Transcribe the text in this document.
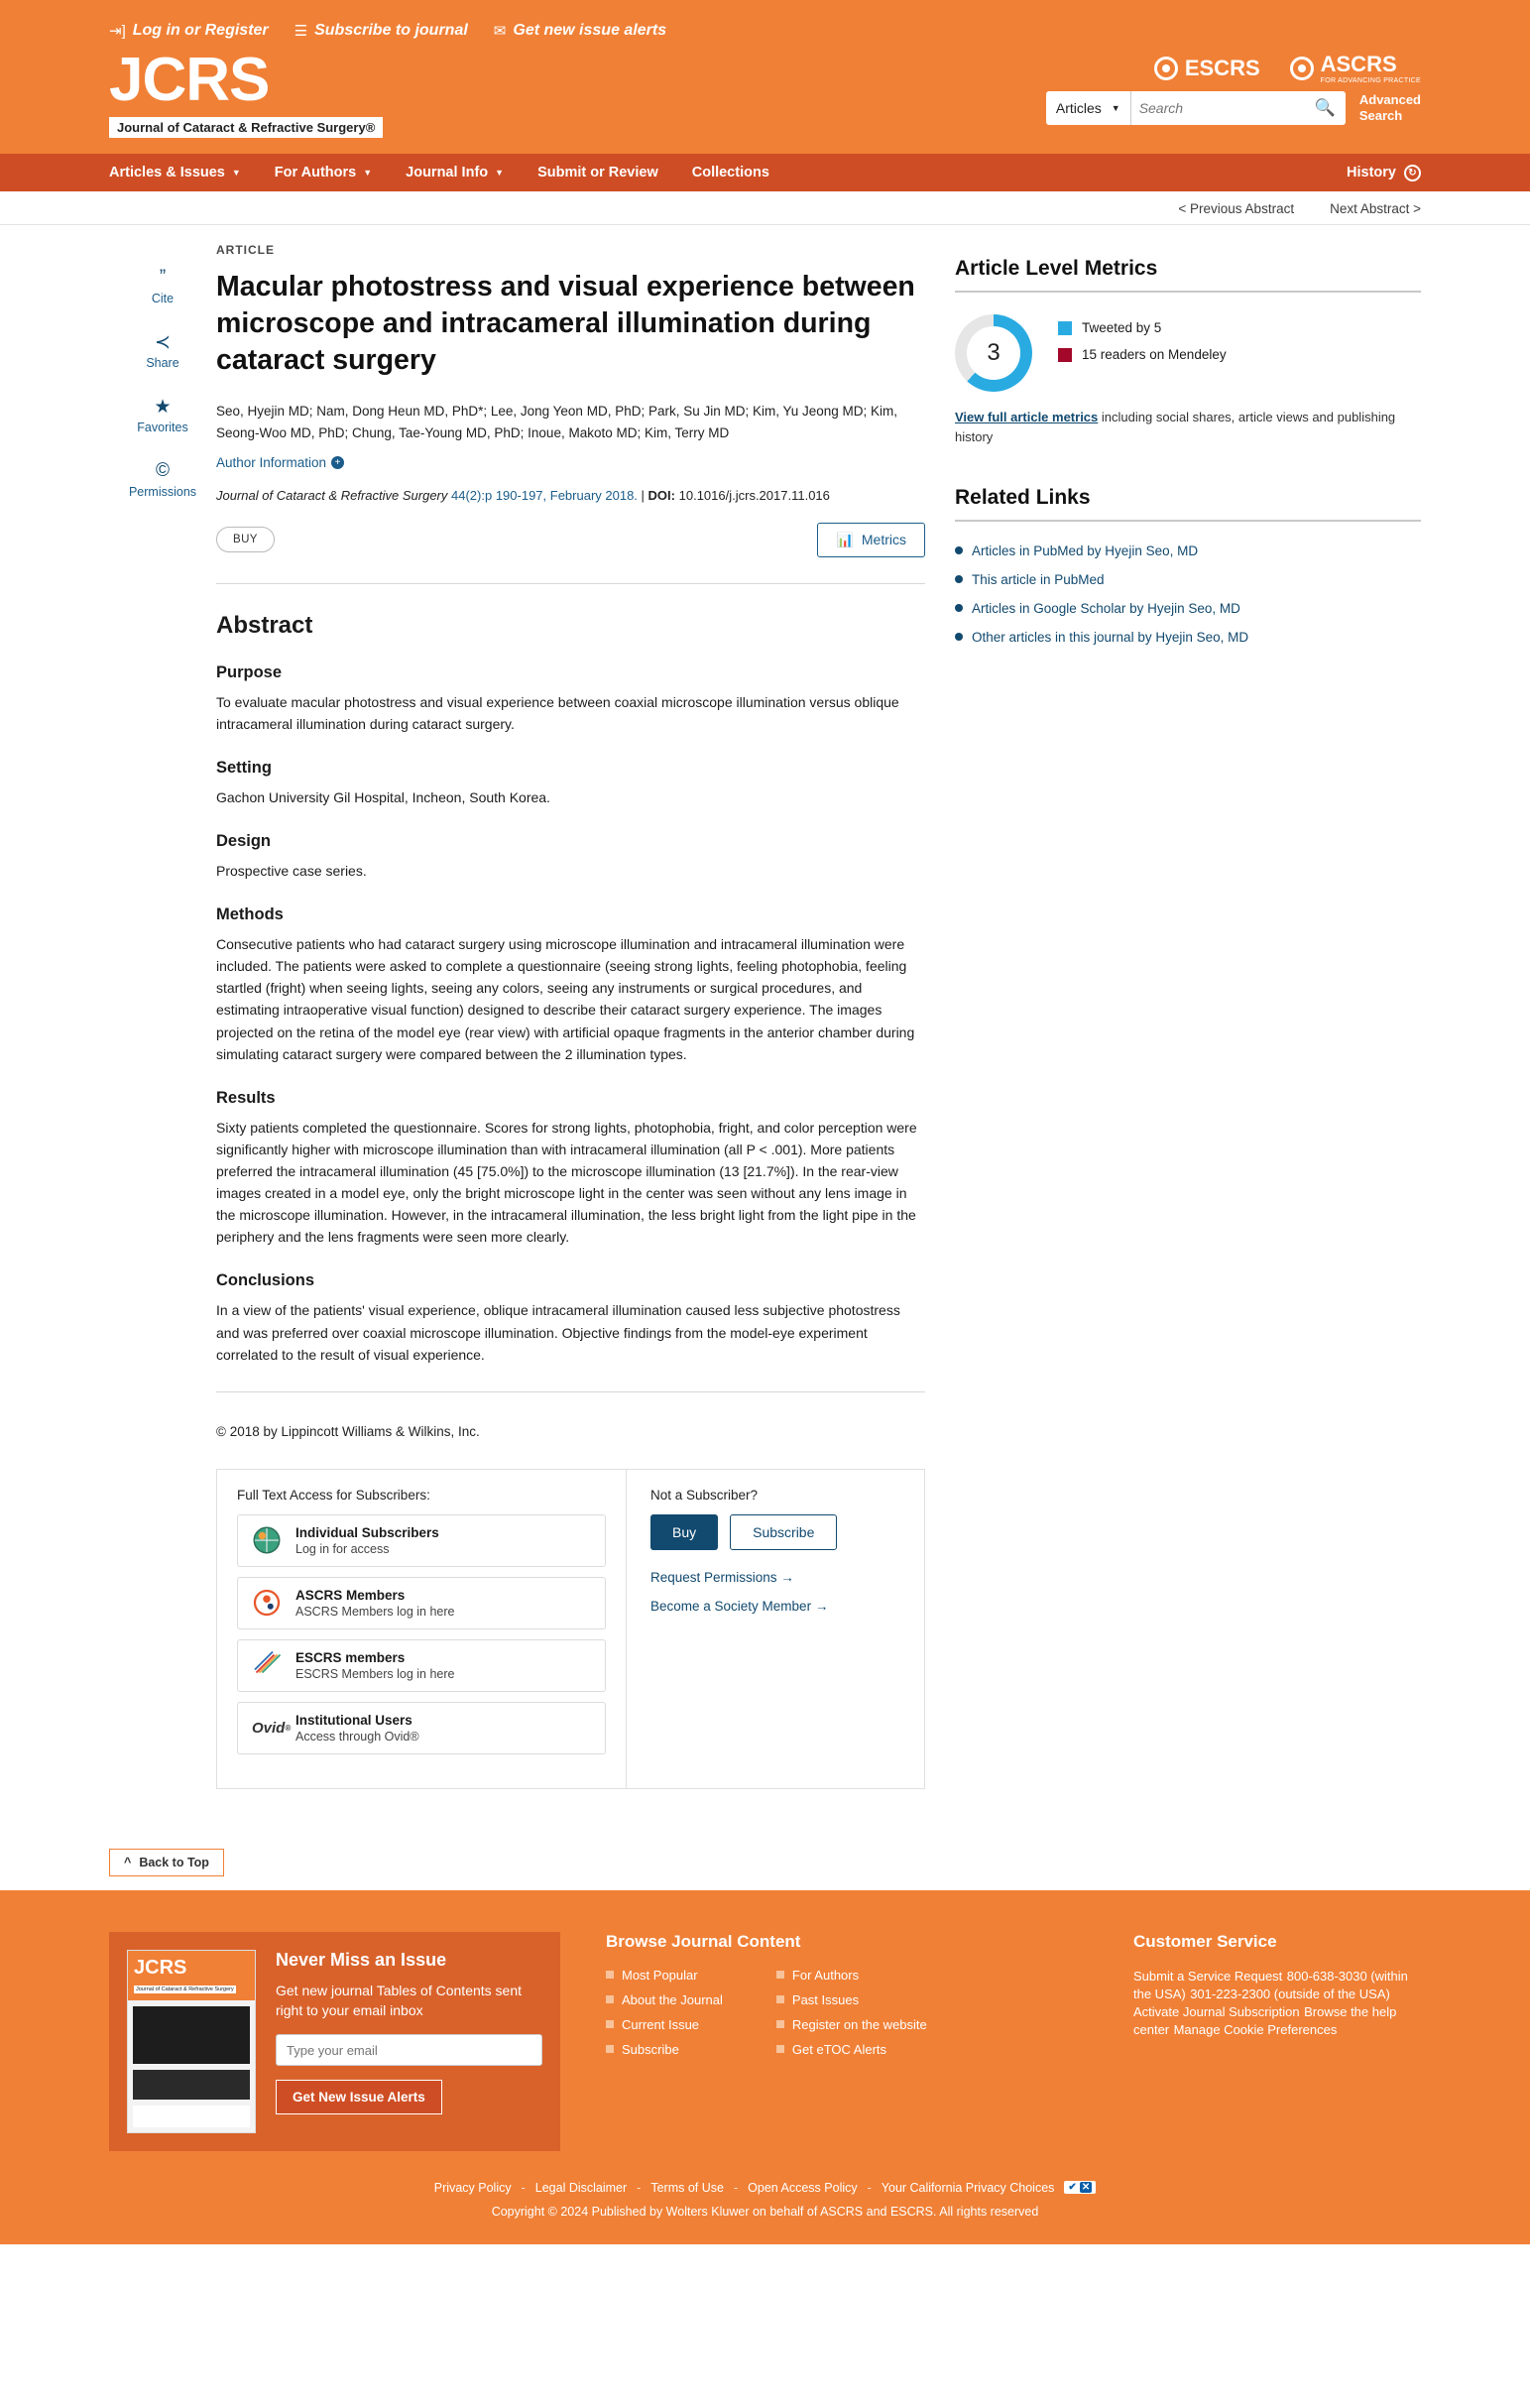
⇥] Log in or Register ☰ Subscribe to journal ✉ Get new issue alerts
JCRS
Journal of Cataract & Refractive Surgery®
ESCRS	ASCRS
FOR ADVANCING PRACTICE
Articles ▼
Search	🔍	Advanced
Search
Articles & Issues ▼ For Authors ▼ Journal Info ▼ Submit or Review Collections	History	↻
< Previous Abstract	Next Abstract >
”
Cite
≺
Share
★
Favorites
©
Permissions
ARTICLE
Macular photostress and visual experience between microscope and intracameral illumination during cataract surgery
Seo, Hyejin MD; Nam, Dong Heun MD, PhD*; Lee, Jong Yeon MD, PhD; Park, Su Jin MD; Kim, Yu Jeong MD; Kim, Seong-Woo MD, PhD; Chung, Tae-Young MD, PhD; Inoue, Makoto MD; Kim, Terry MD
Author Information +
Journal of Cataract & Refractive Surgery 44(2):p 190-197, February 2018. | DOI: 10.1016/j.jcrs.2017.11.016
BUY	📊 Metrics
Abstract
Purpose

To evaluate macular photostress and visual experience between coaxial microscope illumination versus oblique intracameral illumination during cataract surgery.

Setting

Gachon University Gil Hospital, Incheon, South Korea.

Design

Prospective case series.

Methods

Consecutive patients who had cataract surgery using microscope illumination and intracameral illumination were included. The patients were asked to complete a questionnaire (seeing strong lights, feeling photophobia, feeling startled (fright) when seeing lights, seeing any colors, seeing any instruments or surgical procedures, and estimating intraoperative visual function) designed to describe their cataract surgery experience. The images projected on the retina of the model eye (rear view) with artificial opaque fragments in the anterior chamber during simulating cataract surgery were compared between the 2 illumination types.

Results

Sixty patients completed the questionnaire. Scores for strong lights, photophobia, fright, and color perception were significantly higher with microscope illumination than with intracameral illumination (all P < .001). More patients preferred the intracameral illumination (45 [75.0%]) to the microscope illumination (13 [21.7%]). In the rear-view images created in a model eye, only the bright microscope light in the center was seen without any lens image in the microscope illumination. However, in the intracameral illumination, the less bright light from the light pipe in the periphery and the lens fragments were seen more clearly.

Conclusions

In a view of the patients' visual experience, oblique intracameral illumination caused less subjective photostress and was preferred over coaxial microscope illumination. Objective findings from the model-eye experiment correlated to the result of visual experience.

© 2018 by Lippincott Williams & Wilkins, Inc.
Full Text Access for Subscribers:
Individual Subscribers
Log in for access
ASCRS Members
ASCRS Members log in here
ESCRS members
ESCRS Members log in here
Ovid ®
Institutional Users
Access through Ovid®
Not a Subscriber?
Buy	Subscribe
Request Permissions →
Become a Society Member →
Article Level Metrics
3
Tweeted by 5
15 readers on Mendeley
View full article metrics including social shares, article views and publishing history
Related Links
Articles in PubMed by Hyejin Seo, MD
This article in PubMed
Articles in Google Scholar by Hyejin Seo, MD
Other articles in this journal by Hyejin Seo, MD
^ Back to Top
JCRS
Journal of Cataract & Refractive Surgery
Never Miss an Issue

Get new journal Tables of Contents sent right to your email inbox

Type your email Get New Issue Alerts
Browse Journal Content
Most Popular
About the Journal
Current Issue
Subscribe
For Authors
Past Issues
Register on the website
Get eTOC Alerts
Customer Service
Submit a Service Request 800-638-3030 (within the USA) 301-223-2300 (outside of the USA) Activate Journal Subscription Browse the help center Manage Cookie Preferences
Privacy Policy - Legal Disclaimer - Terms of Use - Open Access Policy - Your California Privacy Choices ✔ ✕
Copyright © 2024 Published by Wolters Kluwer on behalf of ASCRS and ESCRS. All rights reserved
